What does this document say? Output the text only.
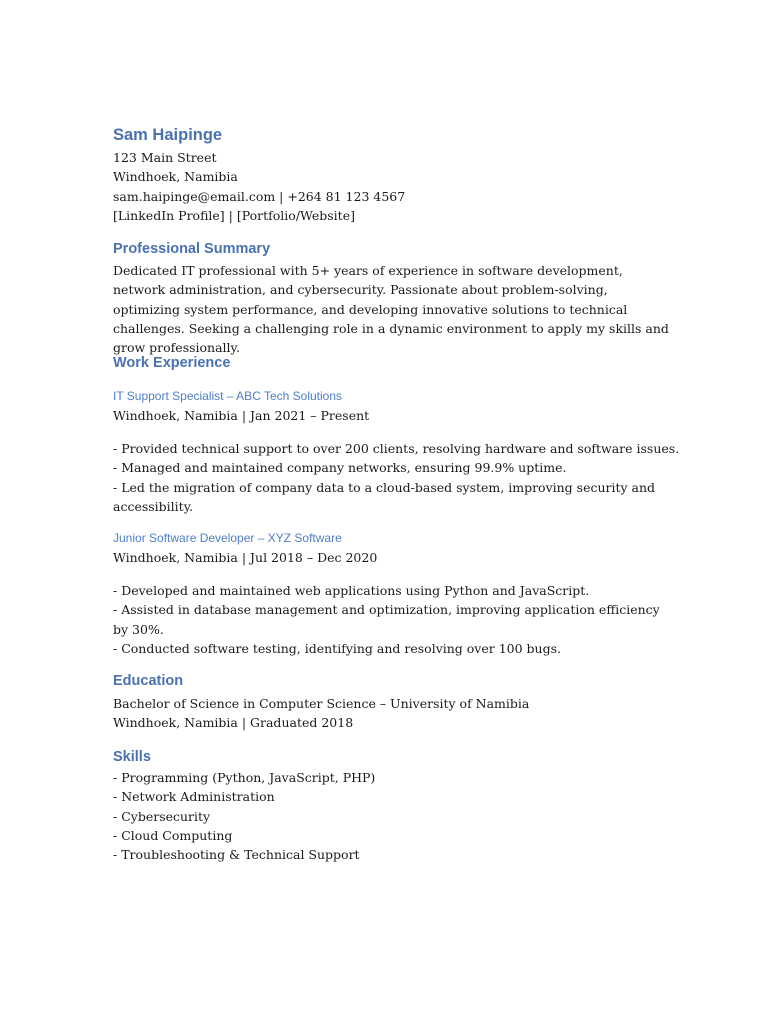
Sam Haipinge
123 Main Street
Windhoek, Namibia
sam.haipinge@email.com | +264 81 123 4567
[LinkedIn Profile] | [Portfolio/Website]
Professional Summary
Dedicated IT professional with 5+ years of experience in software development, network administration, and cybersecurity. Passionate about problem-solving, optimizing system performance, and developing innovative solutions to technical challenges. Seeking a challenging role in a dynamic environment to apply my skills and grow professionally.
Work Experience
IT Support Specialist – ABC Tech Solutions
Windhoek, Namibia | Jan 2021 – Present
- Provided technical support to over 200 clients, resolving hardware and software issues.
- Managed and maintained company networks, ensuring 99.9% uptime.
- Led the migration of company data to a cloud-based system, improving security and accessibility.
Junior Software Developer – XYZ Software
Windhoek, Namibia | Jul 2018 – Dec 2020
- Developed and maintained web applications using Python and JavaScript.
- Assisted in database management and optimization, improving application efficiency by 30%.
- Conducted software testing, identifying and resolving over 100 bugs.
Education
Bachelor of Science in Computer Science – University of Namibia
Windhoek, Namibia | Graduated 2018
Skills
- Programming (Python, JavaScript, PHP)
- Network Administration
- Cybersecurity
- Cloud Computing
- Troubleshooting & Technical Support
